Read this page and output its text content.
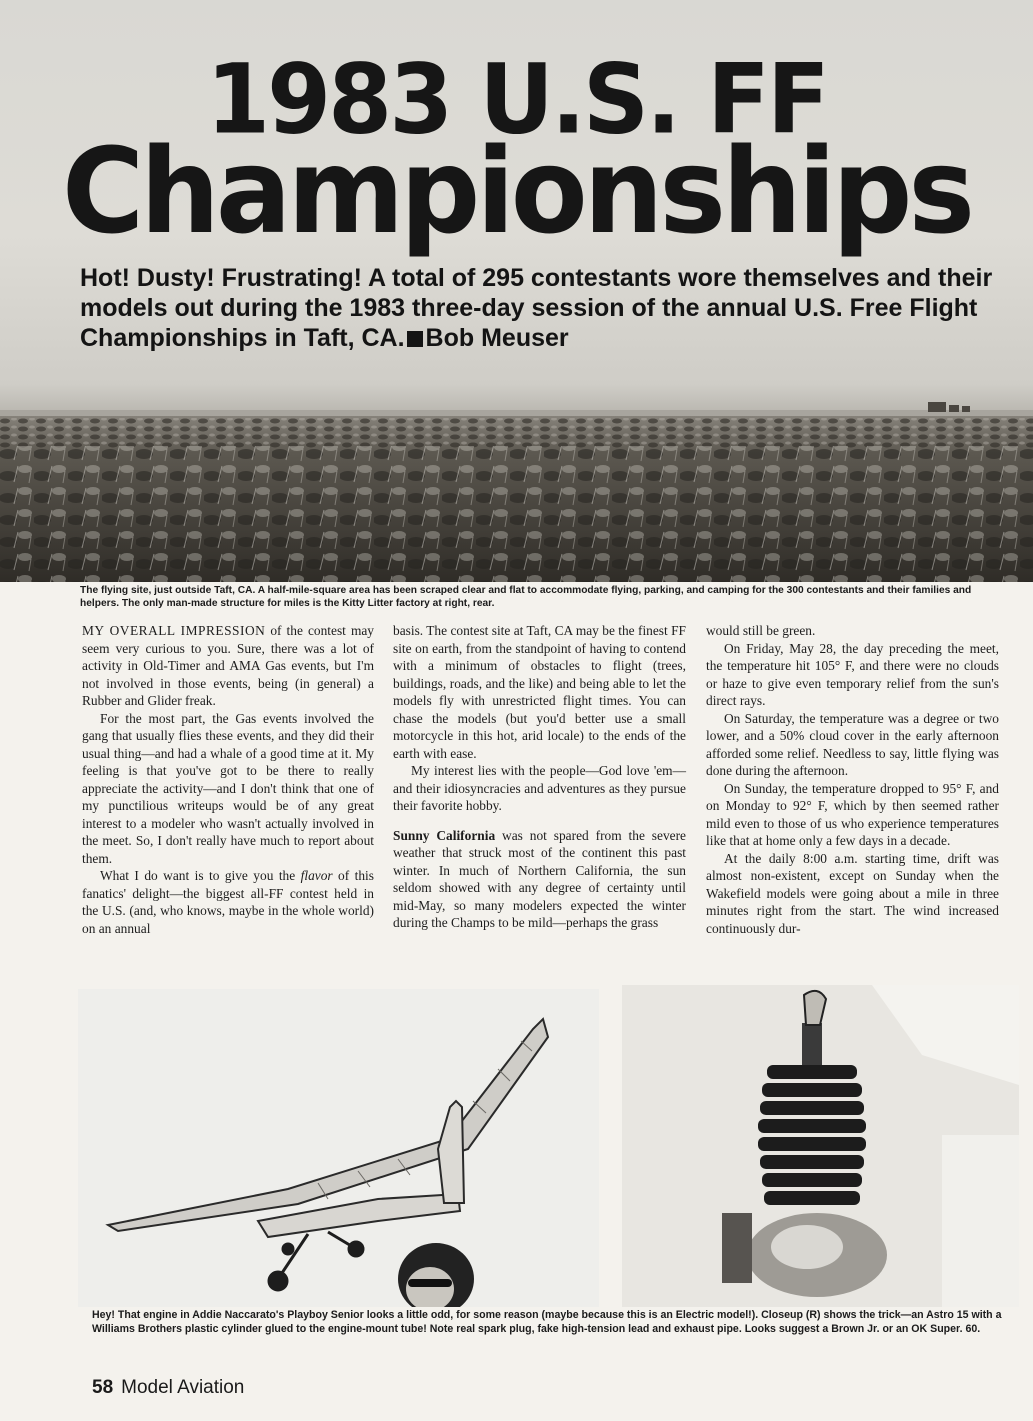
1983 U.S. FF
Championships

Hot! Dusty! Frustrating! A total of 295 contestants wore themselves and their models out during the 1983 three-day session of the annual U.S. Free Flight Championships in Taft, CA. Bob Meuser

The flying site, just outside Taft, CA. A half-mile-square area has been scraped clear and flat to accommodate flying, parking, and camping for the 300 contestants and their families and helpers. The only man-made structure for miles is the Kitty Litter factory at right, rear.

MY OVERALL IMPRESSION of the contest may seem very curious to you. Sure, there was a lot of activity in Old-Timer and AMA Gas events, but I'm not involved in those events, being (in general) a Rubber and Glider freak.

For the most part, the Gas events involved the gang that usually flies these events, and they did their usual thing—and had a whale of a good time at it. My feeling is that you've got to be there to really appreciate the activity—and I don't think that one of my punctilious writeups would be of any great interest to a modeler who wasn't actually involved in the meet. So, I don't really have much to report about them.

What I do want is to give you the flavor of this fanatics' delight—the biggest all-FF contest held in the U.S. (and, who knows, maybe in the whole world) on an annual

basis. The contest site at Taft, CA may be the finest FF site on earth, from the standpoint of having to contend with a minimum of obstacles to flight (trees, buildings, roads, and the like) and being able to let the models fly with unrestricted flight times. You can chase the models (but you'd better use a small motorcycle in this hot, arid locale) to the ends of the earth with ease.

My interest lies with the people—God love 'em—and their idiosyncracies and adventures as they pursue their favorite hobby.

Sunny California was not spared from the severe weather that struck most of the continent this past winter. In much of Northern California, the sun seldom showed with any degree of certainty until mid-May, so many modelers expected the winter during the Champs to be mild—perhaps the grass

would still be green.

On Friday, May 28, the day preceding the meet, the temperature hit 105° F, and there were no clouds or haze to give even temporary relief from the sun's direct rays.

On Saturday, the temperature was a degree or two lower, and a 50% cloud cover in the early afternoon afforded some relief. Needless to say, little flying was done during the afternoon.

On Sunday, the temperature dropped to 95° F, and on Monday to 92° F, which by then seemed rather mild even to those of us who experience temperatures like that at home only a few days in a decade.

At the daily 8:00 a.m. starting time, drift was almost non-existent, except on Sunday when the Wakefield models were going about a mile in three minutes right from the start. The wind increased continuously dur-

Hey! That engine in Addie Naccarato's Playboy Senior looks a little odd, for some reason (maybe because this is an Electric model!). Closeup (R) shows the trick—an Astro 15 with a Williams Brothers plastic cylinder glued to the engine-mount tube! Note real spark plug, fake high-tension lead and exhaust pipe. Looks suggest a Brown Jr. or an OK Super. 60.

58 Model Aviation
